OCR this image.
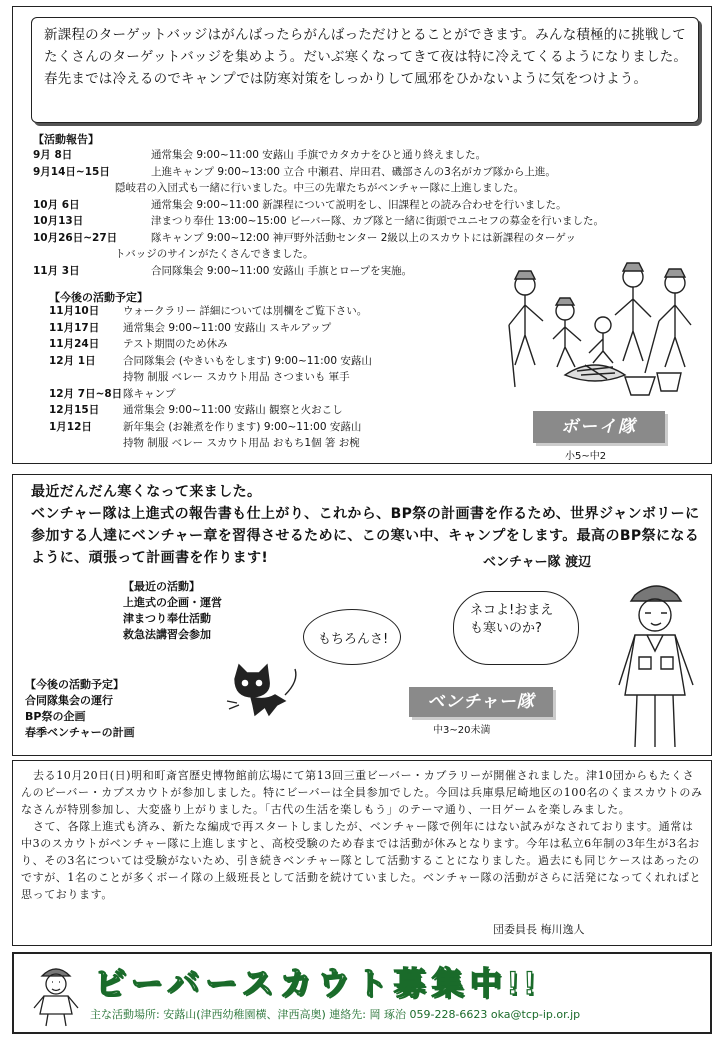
新課程のターゲットバッジはがんばったらがんばっただけとることができます。みんな積極的に挑戦してたくさんのターゲットバッジを集めよう。だいぶ寒くなってきて夜は特に冷えてくるようになりました。春先までは冷えるのでキャンプでは防寒対策をしっかりして風邪をひかないように気をつけよう。
【活動報告】
9月 8日	通常集会 9:00~11:00 安蕗山 手旗でカタカナをひと通り終えました。
9月14日~15日	上進キャンプ 9:00~13:00 立合 中瀬君、岸田君、磯部さんの3名がカブ隊から上進。
隠岐君の入団式も一緒に行いました。中三の先輩たちがベンチャー隊に上進しました。
10月 6日	通常集会 9:00~11:00 新課程について説明をし、旧課程との読み合わせを行いました。
10月13日	津まつり奉仕 13:00~15:00 ビーバー隊、カブ隊と一緒に街頭でユニセフの募金を行いました。
10月26日~27日	隊キャンプ 9:00~12:00 神戸野外活動センター 2級以上のスカウトには新課程のターゲッ
トバッジのサインがたくさんできました。
11月 3日	合同隊集会 9:00~11:00 安蕗山 手旗とロープを実施。
【今後の活動予定】
11月10日	ウォークラリー 詳細については別欄をご覧下さい。
11月17日	通常集会 9:00~11:00 安蕗山 スキルアップ
11月24日	テスト期間のため休み
12月 1日	合同隊集会 (やきいもをします) 9:00~11:00 安蕗山
持物 制服 ベレー スカウト用品 さつまいも 軍手
12月 7日~8日 隊キャンプ
12月15日	通常集会 9:00~11:00 安蕗山 観察と火おこし
1月12日	新年集会 (お雑煮を作ります) 9:00~11:00 安蕗山
持物 制服 ベレー スカウト用品 おもち1個 箸 お椀
ボーイ隊
小5~中2
最近だんだん寒くなって来ました。
ベンチャー隊は上進式の報告書も仕上がり、これから、BP祭の計画書を作るため、世界ジャンボリーに参加する人達にベンチャー章を習得させるために、この寒い中、キャンプをします。最高のBP祭になるように、頑張って計画書を作ります!	ベンチャー隊 渡辺
【最近の活動】
上進式の企画・運営
津まつり奉仕活動
救急法講習会参加
【今後の活動予定】
合同隊集会の運行
BP祭の企画
春季ベンチャーの計画
ネコよ!おまえも寒いのか?
もちろんさ!
ベンチャー隊
中3~20未満

去る10月20日(日)明和町斎宮歴史博物館前広場にて第13回三重ビーバー・カブラリーが開催されました。津10団からもたくさんのビーバー・カブスカウトが参加しました。特にビーバーは全員参加でした。今回は兵庫県尼崎地区の100名のくまスカウトのみなさんが特別参加し、大変盛り上がりました。「古代の生活を楽しもう」のテーマ通り、一日ゲームを楽しみました。

さて、各隊上進式も済み、新たな編成で再スタートしましたが、ベンチャー隊で例年にはない試みがなされております。通常は中3のスカウトがベンチャー隊に上進しますと、高校受験のため春までは活動が休みとなります。今年は私立6年制の3年生が3名おり、その3名については受験がないため、引き続きベンチャー隊として活動することになりました。過去にも同じケースはあったのですが、1名のことが多くボーイ隊の上級班長として活動を続けていました。ベンチャー隊の活動がさらに活発になってくれればと思っております。

団委員長 梅川逸人
ビーバースカウト募集中!!
主な活動場所: 安蕗山(津西幼稚園横、津西高奥) 連絡先: 岡 琢治 059-228-6623 oka@tcp-ip.or.jp
